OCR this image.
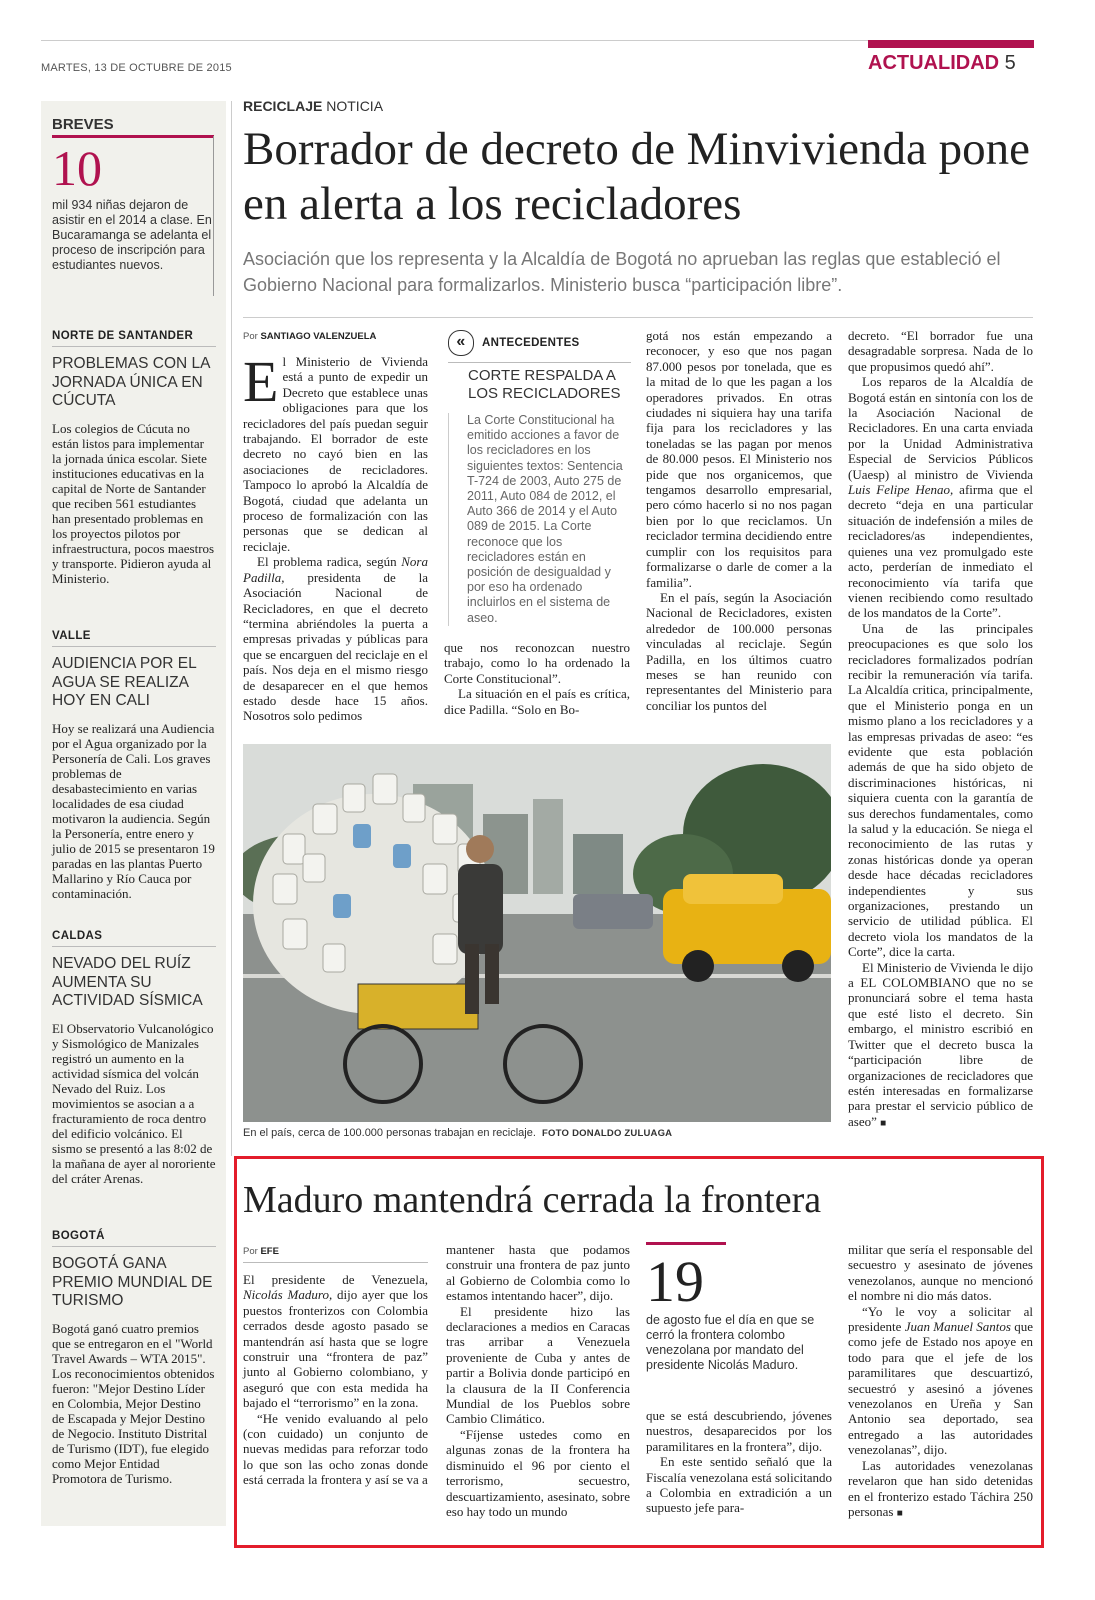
MARTES, 13 DE OCTUBRE DE 2015	ACTUALIDAD 5
BREVES
10
mil 934 niñas dejaron de asistir en el 2014 a clase. En Bucaramanga se adelanta el proceso de inscripción para estudiantes nuevos.
NORTE DE SANTANDER
PROBLEMAS CON LA JORNADA ÚNICA EN CÚCUTA
Los colegios de Cúcuta no están listos para implementar la jornada única escolar. Siete instituciones educativas en la capital de Norte de Santander que reciben 561 estudiantes han presentado problemas en los proyectos pilotos por infraestructura, pocos maestros y transporte. Pidieron ayuda al Ministerio.
VALLE
AUDIENCIA POR EL AGUA SE REALIZA HOY EN CALI
Hoy se realizará una Audiencia por el Agua organizado por la Personería de Cali. Los graves problemas de desabastecimiento en varias localidades de esa ciudad motivaron la audiencia. Según la Personería, entre enero y julio de 2015 se presentaron 19 paradas en las plantas Puerto Mallarino y Río Cauca por contaminación.
CALDAS
NEVADO DEL RUÍZ AUMENTA SU ACTIVIDAD SÍSMICA
El Observatorio Vulcanológico y Sismológico de Manizales registró un aumento en la actividad sísmica del volcán Nevado del Ruiz. Los movimientos se asocian a a fracturamiento de roca dentro del edificio volcánico. El sismo se presentó a las 8:02 de la mañana de ayer al nororiente del cráter Arenas.
BOGOTÁ
BOGOTÁ GANA PREMIO MUNDIAL DE TURISMO
Bogotá ganó cuatro premios que se entregaron en el "World Travel Awards – WTA 2015". Los reconocimientos obtenidos fueron: "Mejor Destino Líder en Colombia, Mejor Destino de Escapada y Mejor Destino de Negocio. Instituto Distrital de Turismo (IDT), fue elegido como Mejor Entidad Promotora de Turismo.
RECICLAJE NOTICIA
Borrador de decreto de Minvivienda pone en alerta a los recicladores
Asociación que los representa y la Alcaldía de Bogotá no aprueban las reglas que estableció el Gobierno Nacional para formalizarlos. Ministerio busca “participación libre”.
Por SANTIAGO VALENZUELA

El Ministerio de Vivienda está a punto de expedir un Decreto que establece unas obligaciones para que los recicladores del país puedan seguir trabajando. El borrador de este decreto no cayó bien en las asociaciones de recicladores. Tampoco lo aprobó la Alcaldía de Bogotá, ciudad que adelanta un proceso de formalización con las personas que se dedican al reciclaje.

El problema radica, según Nora Padilla, presidenta de la Asociación Nacional de Recicladores, en que el decreto “termina abriéndoles la puerta a empresas privadas y públicas para que se encarguen del reciclaje en el país. Nos deja en el mismo riesgo de desaparecer en el que hemos estado desde hace 15 años. Nosotros solo pedimos

«	ANTECEDENTES
CORTE RESPALDA A LOS RECICLADORES
La Corte Constitucional ha emitido acciones a favor de los recicladores en los siguientes textos: Sentencia T-724 de 2003, Auto 275 de 2011, Auto 084 de 2012, el Auto 366 de 2014 y el Auto 089 de 2015. La Corte reconoce que los recicladores están en posición de desigualdad y por eso ha ordenado incluirlos en el sistema de aseo.

que nos reconozcan nuestro trabajo, como lo ha ordenado la Corte Constitucional”.

La situación en el país es crítica, dice Padilla. “Solo en Bo-

gotá nos están empezando a reconocer, y eso que nos pagan 87.000 pesos por tonelada, que es la mitad de lo que les pagan a los operadores privados. En otras ciudades ni siquiera hay una tarifa fija para los recicladores y las toneladas se las pagan por menos de 80.000 pesos. El Ministerio nos pide que nos organicemos, que tengamos desarrollo empresarial, pero cómo hacerlo si no nos pagan bien por lo que reciclamos. Un reciclador termina decidiendo entre cumplir con los requisitos para formalizarse o darle de comer a la familia”.

En el país, según la Asociación Nacional de Recicladores, existen alrededor de 100.000 personas vinculadas al reciclaje. Según Padilla, en los últimos cuatro meses se han reunido con representantes del Ministerio para conciliar los puntos del

decreto. “El borrador fue una desagradable sorpresa. Nada de lo que propusimos quedó ahí”.

Los reparos de la Alcaldía de Bogotá están en sintonía con los de la Asociación Nacional de Recicladores. En una carta enviada por la Unidad Administrativa Especial de Servicios Públicos (Uaesp) al ministro de Vivienda Luis Felipe Henao, afirma que el decreto “deja en una particular situación de indefensión a miles de recicladores/as independientes, quienes una vez promulgado este acto, perderían de inmediato el reconocimiento vía tarifa que vienen recibiendo como resultado de los mandatos de la Corte”.

Una de las principales preocupaciones es que solo los recicladores formalizados podrían recibir la remuneración vía tarifa. La Alcaldía critica, principalmente, que el Ministerio ponga en un mismo plano a los recicladores y a las empresas privadas de aseo: “es evidente que esta población además de que ha sido objeto de discriminaciones históricas, ni siquiera cuenta con la garantía de sus derechos fundamentales, como la salud y la educación. Se niega el reconocimiento de las rutas y zonas históricas donde ya operan desde hace décadas recicladores independientes y sus organizaciones, prestando un servicio de utilidad pública. El decreto viola los mandatos de la Corte”, dice la carta.

El Ministerio de Vivienda le dijo a EL COLOMBIANO que no se pronunciará sobre el tema hasta que esté listo el decreto. Sin embargo, el ministro escribió en Twitter que el decreto busca la “participación libre de organizaciones de recicladores que estén interesadas en formalizarse para prestar el servicio público de aseo” ■

En el país, cerca de 100.000 personas trabajan en reciclaje. FOTO DONALDO ZULUAGA
Maduro mantendrá cerrada la frontera
Por EFE

El presidente de Venezuela, Nicolás Maduro, dijo ayer que los puestos fronterizos con Colombia cerrados desde agosto pasado se mantendrán así hasta que se logre construir una “frontera de paz” junto al Gobierno colombiano, y aseguró que con esta medida ha bajado el “terrorismo” en la zona.

“He venido evaluando al pelo (con cuidado) un conjunto de nuevas medidas para reforzar todo lo que son las ocho zonas donde está cerrada la frontera y así se va a

mantener hasta que podamos construir una frontera de paz junto al Gobierno de Colombia como lo estamos intentando hacer”, dijo.

El presidente hizo las declaraciones a medios en Caracas tras arribar a Venezuela proveniente de Cuba y antes de partir a Bolivia donde participó en la clausura de la II Conferencia Mundial de los Pueblos sobre Cambio Climático.

“Fíjense ustedes como en algunas zonas de la frontera ha disminuido el 96 por ciento el terrorismo, secuestro, descuartizamiento, asesinato, sobre eso hay todo un mundo

19
de agosto fue el día en que se cerró la frontera colombo venezolana por mandato del presidente Nicolás Maduro.

que se está descubriendo, jóvenes nuestros, desaparecidos por los paramilitares en la frontera”, dijo.

En este sentido señaló que la Fiscalía venezolana está solicitando a Colombia en extradición a un supuesto jefe para-

militar que sería el responsable del secuestro y asesinato de jóvenes venezolanos, aunque no mencionó el nombre ni dio más datos.

“Yo le voy a solicitar al presidente Juan Manuel Santos que como jefe de Estado nos apoye en todo para que el jefe de los paramilitares que descuartizó, secuestró y asesinó a jóvenes venezolanos en Ureña y San Antonio sea deportado, sea entregado a las autoridades venezolanas”, dijo.

Las autoridades venezolanas revelaron que han sido detenidas en el fronterizo estado Táchira 250 personas ■
